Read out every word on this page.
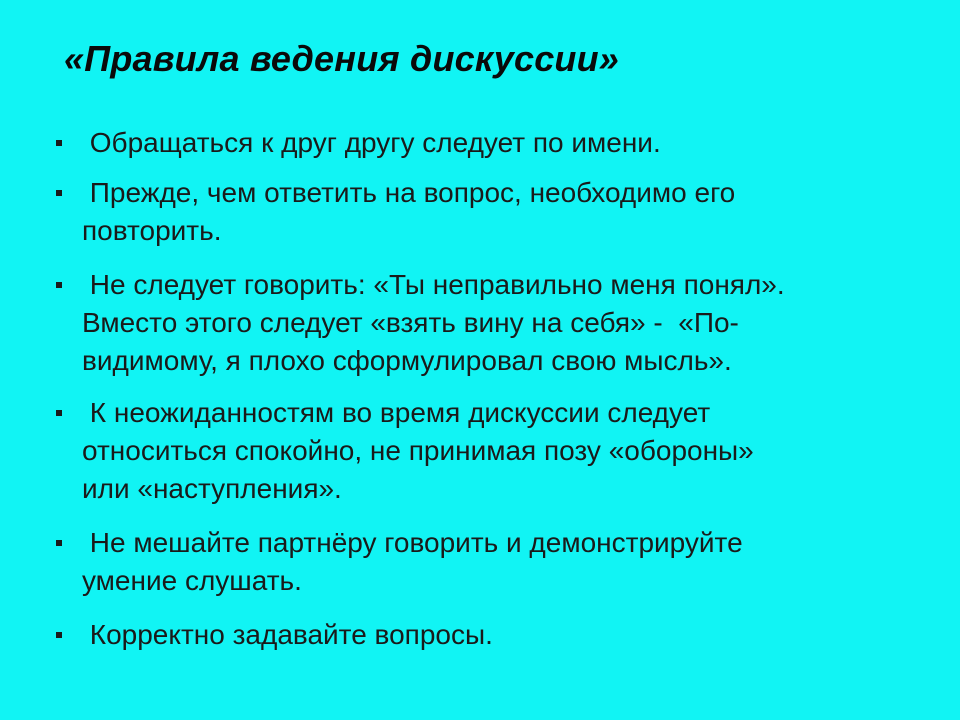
«Правила ведения дискуссии»
Обращаться к друг другу следует по имени.
Прежде, чем ответить на вопрос, необходимо его
повторить.
Не следует говорить: «Ты неправильно меня понял».
Вместо этого следует «взять вину на себя» -  «По-
видимому, я плохо сформулировал свою мысль».
К неожиданностям во время дискуссии следует
относиться спокойно, не принимая позу «обороны»
или «наступления».
Не мешайте партнёру говорить и демонстрируйте
умение слушать.
Корректно задавайте вопросы.
